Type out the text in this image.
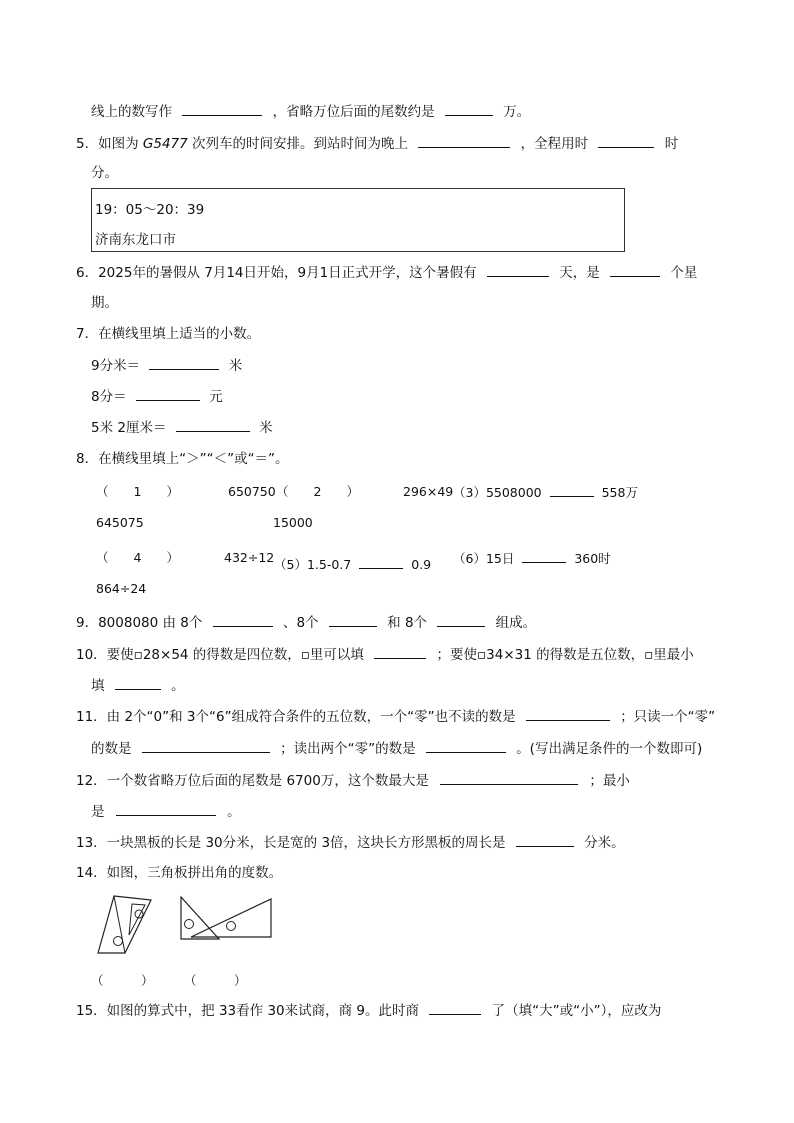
线上的数写作	，省略万位后面的尾数约是	万。
5．如图为 G5477 次列车的时间安排。到站时间为晚上	，全程用时	时
分。
19：05～20：39
济南东龙口市
6．2025年的暑假从 7月14日开始，9月1日正式开学，这个暑假有	天，是	个星
期。
7．在横线里填上适当的小数。
9分米＝	米
8分＝	元
5米 2厘米＝	米
8．在横线里填上“＞”“＜”或“＝”。
（　　1　　）	650750 （　　2　　）	296×49 （3）5508000	558万
645075	15000
（　　4　　）	432÷12 （5）1.5-0.7	0.9 （6）15日	360时
864÷24
9．8008080 由 8个	、8个	和 8个	组成。
10．要使▫28×54 的得数是四位数，▫里可以填	；要使▫34×31 的得数是五位数，▫里最小
填	。
11．由 2个“0”和 3个“6”组成符合条件的五位数，一个“零”也不读的数是	；只读一个“零”
的数是	；读出两个“零”的数是	。(写出满足条件的一个数即可)
12．一个数省略万位后面的尾数是 6700万，这个数最大是	；最小
是	。
13．一块黑板的长是 30分米，长是宽的 3倍，这块长方形黑板的周长是	分米。
14．如图，三角板拼出角的度数。
（　　　） （　　　）
15．如图的算式中，把 33看作 30来试商，商 9。此时商	了（填“大”或“小”），应改为
